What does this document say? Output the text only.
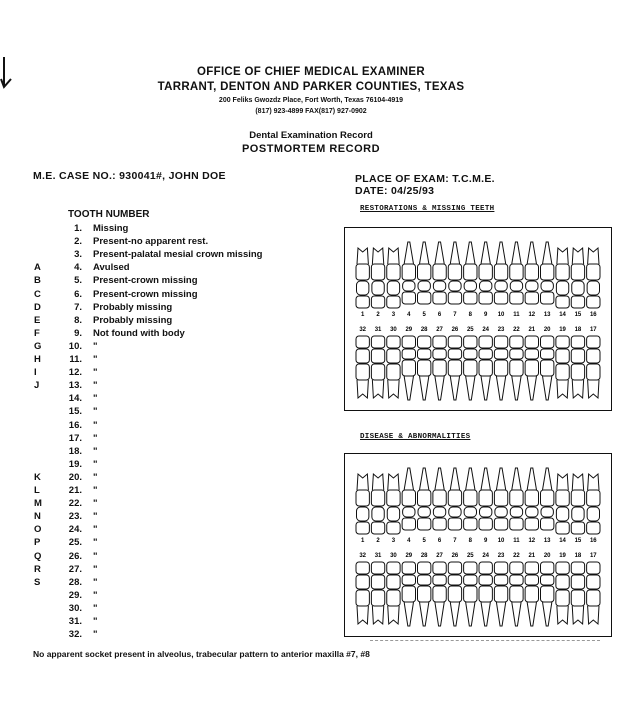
OFFICE OF CHIEF MEDICAL EXAMINER
TARRANT, DENTON AND PARKER COUNTIES, TEXAS
200 Feliks Gwozdz Place, Fort Worth, Texas 76104-4919
(817) 923-4899 FAX(817) 927-0902
Dental Examination Record
POSTMORTEM RECORD
M.E. CASE NO.: 930041#, JOHN DOE	PLACE OF EXAM: T.C.M.E.
DATE: 04/25/93
TOOTH NUMBER
1. Missing
2. Present-no apparent rest.
3. Present-palatal mesial crown missing
A	4. Avulsed
B	5. Present-crown missing
C	6. Present-crown missing
D	7. Probably missing
E	8. Probably missing
F	9. Not found with body
G	10. "
H	11. "
I	12. "
J	13. "
14. "
15. "
16. "
17. "
18. "
19. "
K	20. "
L	21. "
M	22. "
N	23. "
O	24. "
P	25. "
Q	26. "
R	27. "
S	28. "
29. "
30. "
31. "
32. "
RESTORATIONS & MISSING TEETH
DISEASE & ABNORMALITIES
1 2 3 4 5 6 7 8 9 10 11 12 13 14 15 16
32 31 30 29 28 27 26 25 24 23 22 21 20 19 18 17
1 2 3 4 5 6 7 8 9 10 11 12 13 14 15 16
32 31 30 29 28 27 26 25 24 23 22 21 20 19 18 17
No apparent socket present in alveolus, trabecular pattern to anterior maxilla #7, #8
